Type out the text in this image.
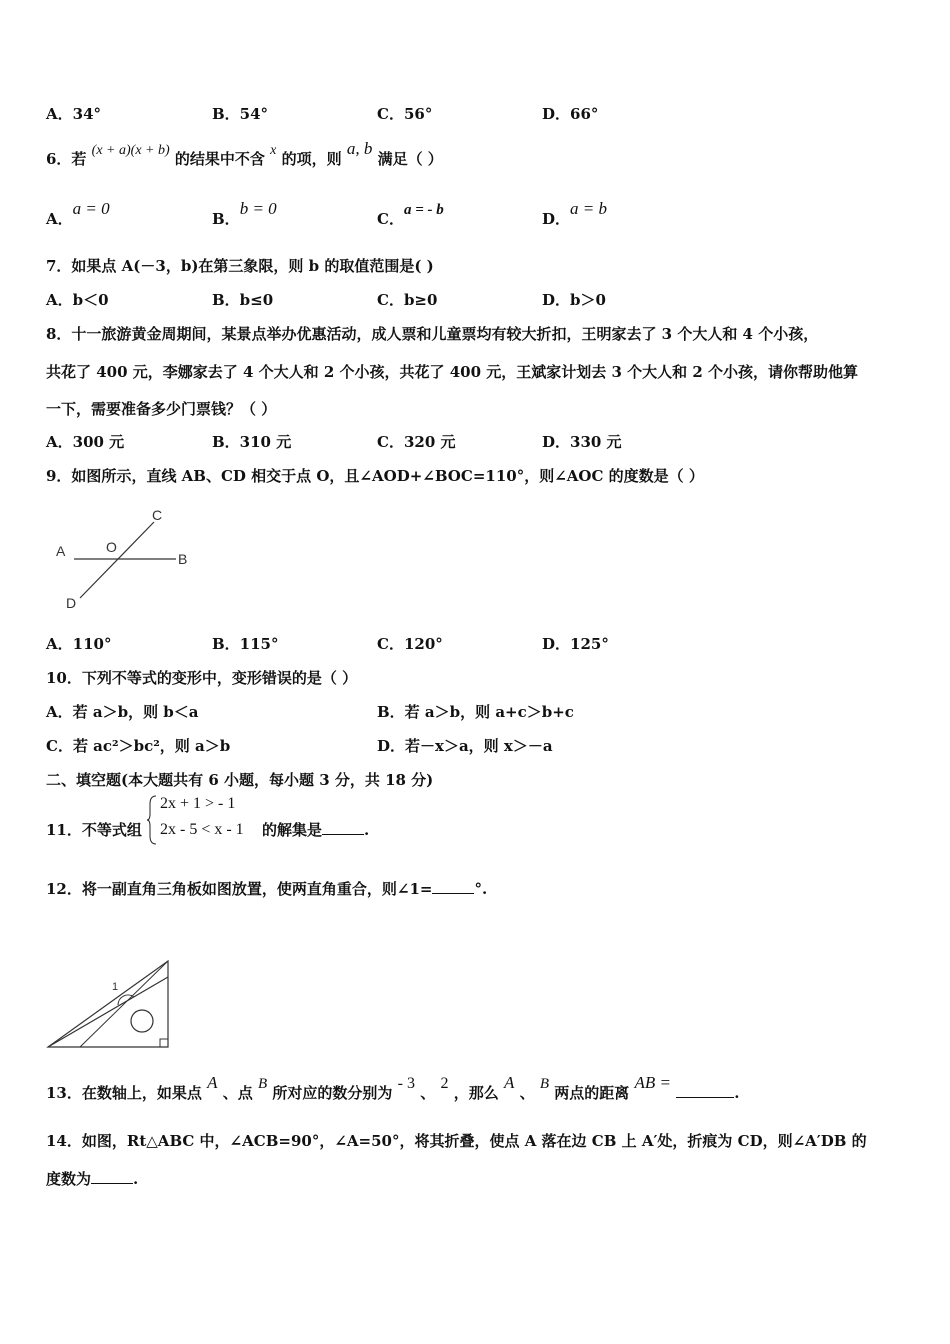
A．34°	B．54°	C．56°	D．66°
6．若 (x + a)(x + b) 的结果中不含 x 的项，则 a, b 满足（ ）
A．a = 0
B．b = 0
C．a = - b	D．a = b
7．如果点 A(－3，b)在第三象限，则 b 的取值范围是( )
A．b＜0	B．b≤0	C．b≥0	D．b＞0
8．十一旅游黄金周期间，某景点举办优惠活动，成人票和儿童票均有较大折扣，王明家去了 3 个大人和 4 个小孩，
共花了 400 元，李娜家去了 4 个大人和 2 个小孩，共花了 400 元，王斌家计划去 3 个大人和 2 个小孩，请你帮助他算
一下，需要准备多少门票钱？（ ）
A．300 元	B．310 元	C．320 元	D．330 元
9．如图所示，直线 AB、CD 相交于点 O，且∠AOD+∠BOC=110°，则∠AOC 的度数是（ ）
A	O
B
C
D
A．110°	B．115°	C．120°	D．125°
10．下列不等式的变形中，变形错误的是（ ）
A．若 a＞b，则 b＜a	B．若 a＞b，则 a+c＞b+c
C．若 ac²＞bc²，则 a＞b	D．若－x＞a，则 x＞－a
二、填空题(本大题共有 6 小题，每小题 3 分，共 18 分)
11．不等式组
2x + 1 > - 1
2x - 5 < x - 1 的解集是	.
12．将一副直角三角板如图放置，使两直角重合，则∠1=	°.
1
13．在数轴上，如果点 A 、点 B 所对应的数分别为 - 3 、 2 ，那么 A 、 B 两点的距离 AB = .
14．如图，Rt△ABC 中，∠ACB=90°，∠A=50°，将其折叠，使点 A 落在边 CB 上 A′处，折痕为 CD，则∠A′DB 的
度数为	.
